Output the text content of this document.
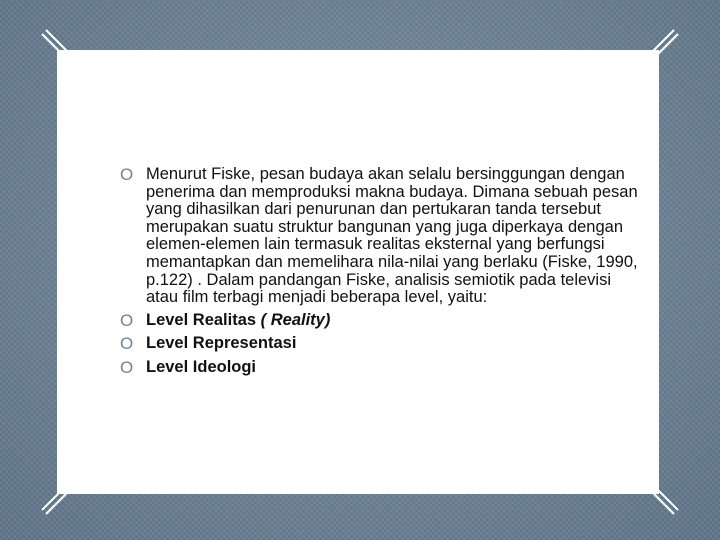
O Menurut Fiske, pesan budaya akan selalu bersinggungan dengan penerima dan memproduksi makna budaya. Dimana sebuah pesan yang dihasilkan dari penurunan dan pertukaran tanda tersebut merupakan suatu struktur bangunan yang juga diperkaya dengan elemen-elemen lain termasuk realitas eksternal yang berfungsi memantapkan dan memelihara nila-nilai yang berlaku (Fiske, 1990, p.122) . Dalam pandangan Fiske, analisis semiotik pada televisi atau film terbagi menjadi beberapa level, yaitu:
O Level Realitas ( Reality)
O Level Representasi
O Level Ideologi
